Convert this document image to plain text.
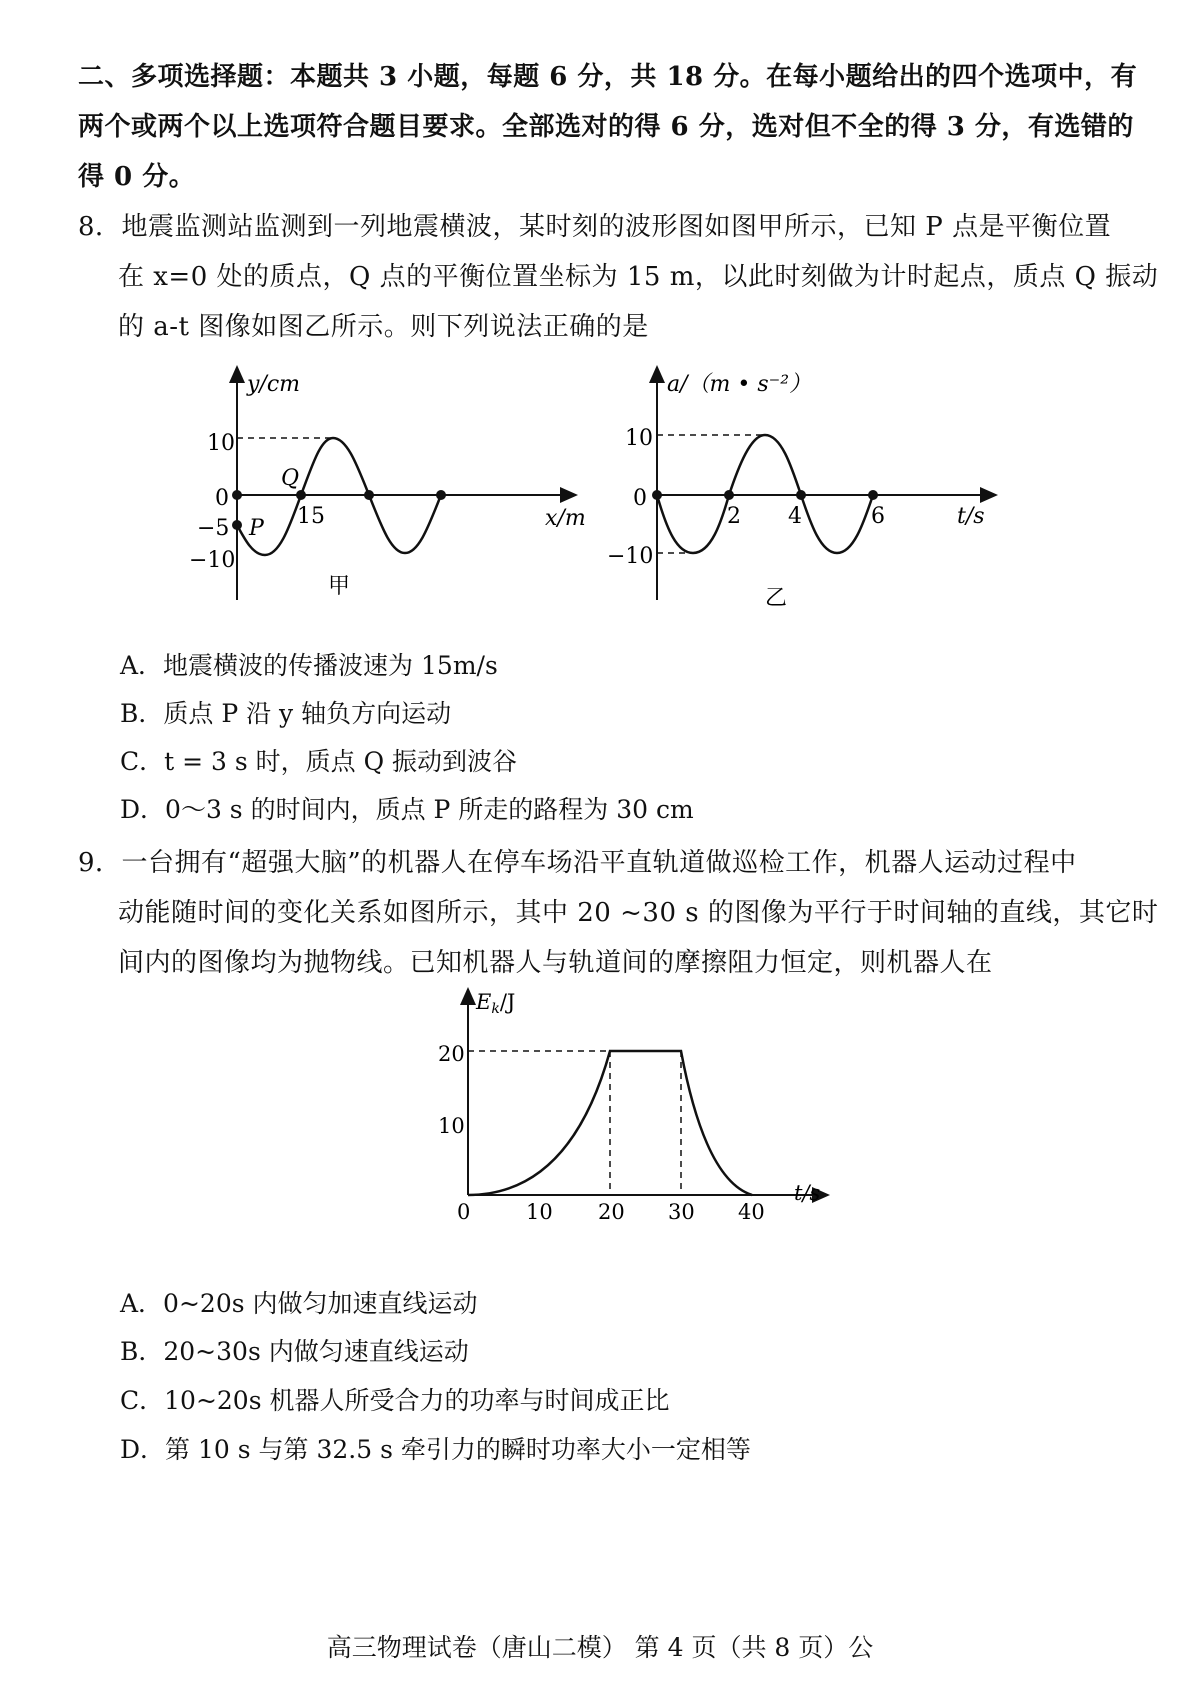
二、多项选择题：本题共 3 小题，每题 6 分，共 18 分。在每小题给出的四个选项中，有
两个或两个以上选项符合题目要求。全部选对的得 6 分，选对但不全的得 3 分，有选错的
得 0 分。
8．地震监测站监测到一列地震横波，某时刻的波形图如图甲所示，已知 P 点是平衡位置
在 x=0 处的质点，Q 点的平衡位置坐标为 15 m，以此时刻做为计时起点，质点 Q 振动
的 a-t 图像如图乙所示。则下列说法正确的是
y/cm
x/m
10
0
−5
−10
15
Q
P
甲
a/（m • s⁻²）
t/s
10
0
−10
2 4	6
乙
A．地震横波的传播波速为 15m/s
B．质点 P 沿 y 轴负方向运动
C．t = 3 s 时，质点 Q 振动到波谷
D．0～3 s 的时间内，质点 P 所走的路程为 30 cm
9．一台拥有“超强大脑”的机器人在停车场沿平直轨道做巡检工作，机器人运动过程中
动能随时间的变化关系如图所示，其中 20 ~30 s 的图像为平行于时间轴的直线，其它时
间内的图像均为抛物线。已知机器人与轨道间的摩擦阻力恒定，则机器人在
Ek/J
t/s
20
10
0	10 20 30 40
A．0~20s 内做匀加速直线运动
B．20~30s 内做匀速直线运动
C．10~20s 机器人所受合力的功率与时间成正比
D．第 10 s 与第 32.5 s 牵引力的瞬时功率大小一定相等
高三物理试卷（唐山二模） 第 4 页（共 8 页）公
